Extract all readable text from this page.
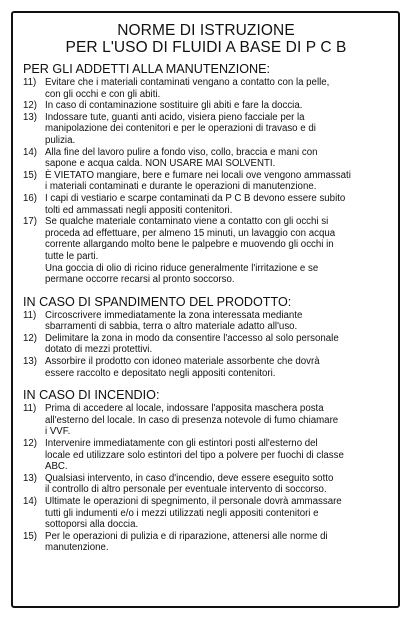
NORME DI ISTRUZIONE
PER L'USO DI FLUIDI A BASE DI P C B
PER GLI ADDETTI ALLA MANUTENZIONE:
11) Evitare che i materiali contaminati vengano a contatto con la pelle,
con gli occhi e con gli abiti.
12) In caso di contaminazione sostituire gli abiti e fare la doccia.
13) Indossare tute, guanti anti acido, visiera pieno facciale per la
manipolazione dei contenitori e per le operazioni di travaso e di
pulizia.
14) Alla fine del lavoro pulire a fondo viso, collo, braccia e mani con
sapone e acqua calda. NON USARE MAI SOLVENTI.
15) È VIETATO mangiare, bere e fumare nei locali ove vengono ammassati
i materiali contaminati e durante le operazioni di manutenzione.
16) I capi di vestiario e scarpe contaminati da P C B devono essere subito
tolti ed ammassati negli appositi contenitori.
17) Se qualche materiale contaminato viene a contatto con gli occhi si
proceda ad effettuare, per almeno 15 minuti, un lavaggio con acqua
corrente allargando molto bene le palpebre e muovendo gli occhi in
tutte le parti.
Una goccia di olio di ricino riduce generalmente l'irritazione e se
permane occorre recarsi al pronto soccorso.
IN CASO DI SPANDIMENTO DEL PRODOTTO:
11) Circoscrivere immediatamente la zona interessata mediante
sbarramenti di sabbia, terra o altro materiale adatto all'uso.
12) Delimitare la zona in modo da consentire l'accesso al solo personale
dotato di mezzi protettivi.
13) Assorbire il prodotto con idoneo materiale assorbente che dovrà
essere raccolto e depositato negli appositi contenitori.
IN CASO DI INCENDIO:
11) Prima di accedere al locale, indossare l'apposita maschera posta
all'esterno del locale. In caso di presenza notevole di fumo chiamare
i VVF.
12) Intervenire immediatamente con gli estintori posti all'esterno del
locale ed utilizzare solo estintori del tipo a polvere per fuochi di classe
ABC.
13) Qualsiasi intervento, in caso d'incendio, deve essere eseguito sotto
il controllo di altro personale per eventuale intervento di soccorso.
14) Ultimate le operazioni di spegnimento, il personale dovrà ammassare
tutti gli indumenti e/o i mezzi utilizzati negli appositi contenitori e
sottoporsi alla doccia.
15) Per le operazioni di pulizia e di riparazione, attenersi alle norme di
manutenzione.
